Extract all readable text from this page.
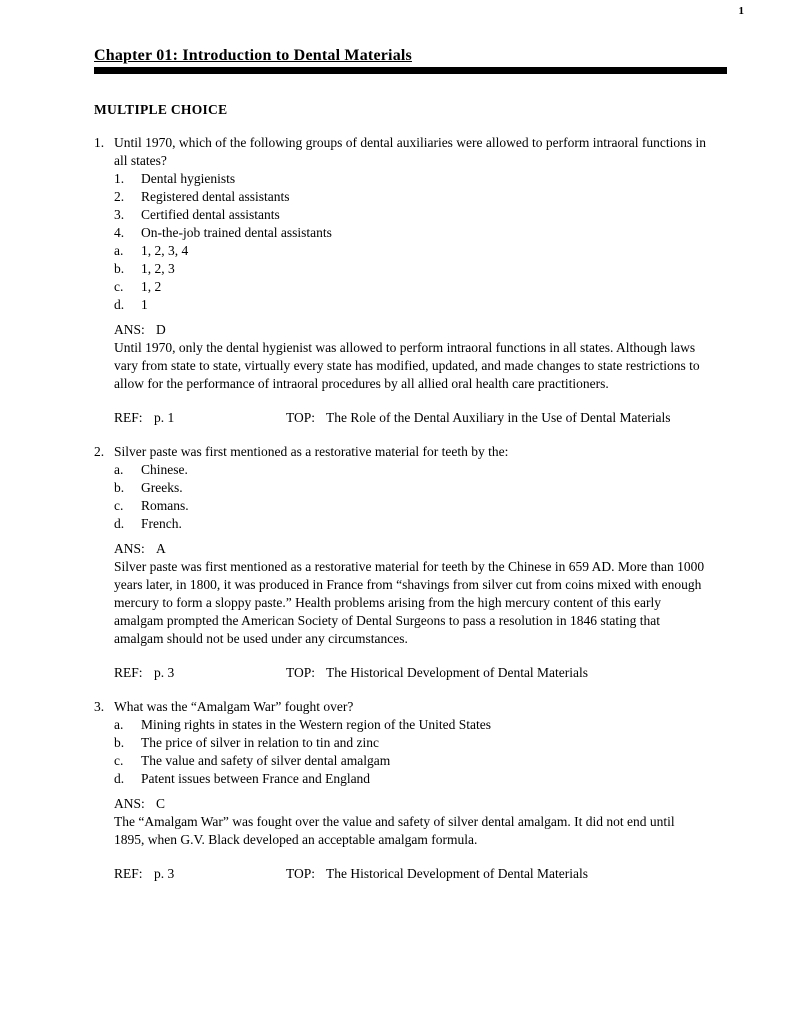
1
Chapter 01: Introduction to Dental Materials
MULTIPLE CHOICE
1. Until 1970, which of the following groups of dental auxiliaries were allowed to perform intraoral functions in all states?

1.	Dental hygienists
2.	Registered dental assistants
3.	Certified dental assistants
4.	On-the-job trained dental assistants
a.	1, 2, 3, 4
b.	1, 2, 3
c.	1, 2
d.	1
ANS: D

Until 1970, only the dental hygienist was allowed to perform intraoral functions in all states. Although laws vary from state to state, virtually every state has modified, updated, and made changes to state restrictions to allow for the performance of intraoral procedures by all allied oral health care practitioners.

REF: p. 1	TOP: The Role of the Dental Auxiliary in the Use of Dental Materials
2. Silver paste was first mentioned as a restorative material for teeth by the:

a.	Chinese.
b.	Greeks.
c.	Romans.
d.	French.
ANS: A

Silver paste was first mentioned as a restorative material for teeth by the Chinese in 659 AD. More than 1000 years later, in 1800, it was produced in France from “shavings from silver cut from coins mixed with enough mercury to form a sloppy paste.” Health problems arising from the high mercury content of this early amalgam prompted the American Society of Dental Surgeons to pass a resolution in 1846 stating that amalgam should not be used under any circumstances.

REF: p. 3	TOP: The Historical Development of Dental Materials
3. What was the “Amalgam War” fought over?

a.	Mining rights in states in the Western region of the United States
b.	The price of silver in relation to tin and zinc
c.	The value and safety of silver dental amalgam
d.	Patent issues between France and England
ANS: C

The “Amalgam War” was fought over the value and safety of silver dental amalgam. It did not end until 1895, when G.V. Black developed an acceptable amalgam formula.

REF: p. 3	TOP: The Historical Development of Dental Materials
